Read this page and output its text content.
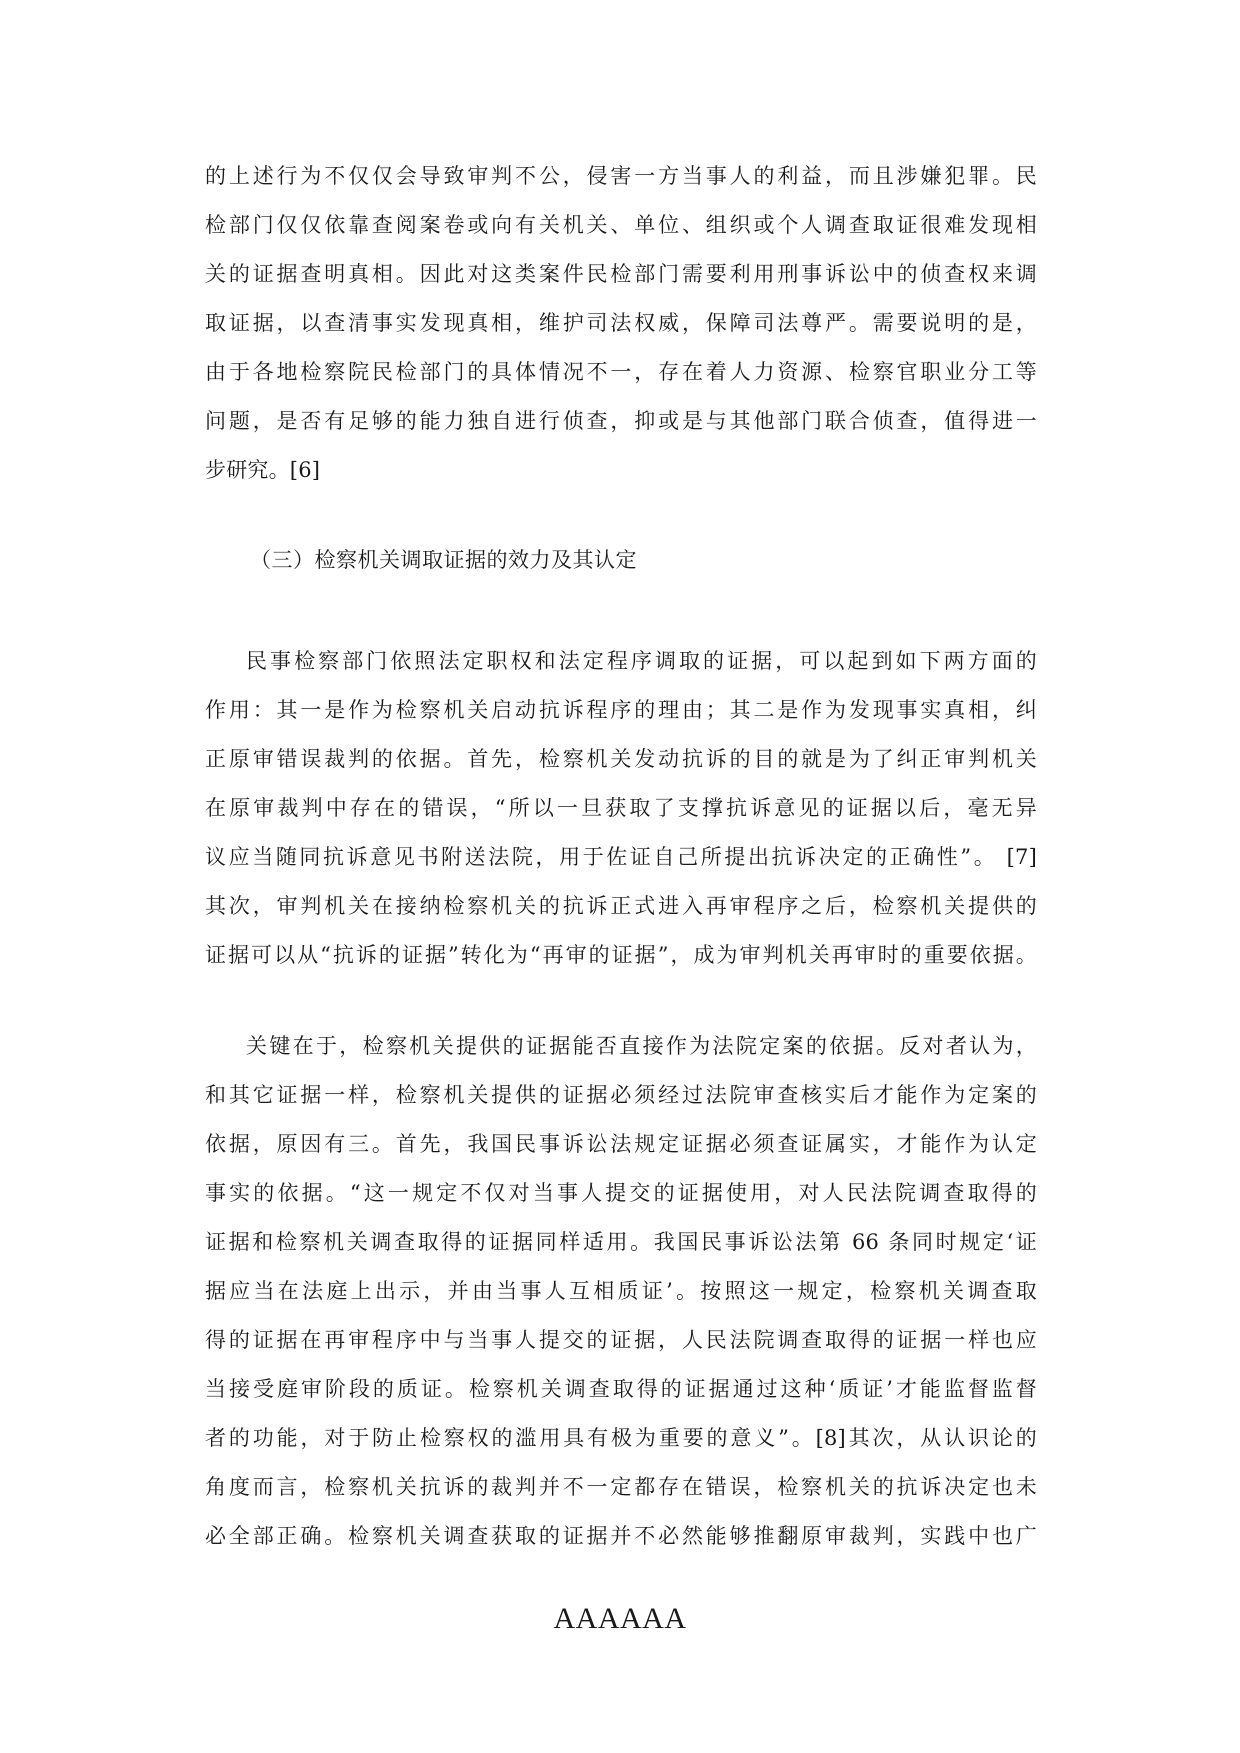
的上述行为不仅仅会导致审判不公，侵害一方当事人的利益，而且涉嫌犯罪。民
检部门仅仅依靠查阅案卷或向有关机关、单位、组织或个人调查取证很难发现相
关的证据查明真相。因此对这类案件民检部门需要利用刑事诉讼中的侦查权来调
取证据，以查清事实发现真相，维护司法权威，保障司法尊严。需要说明的是，
由于各地检察院民检部门的具体情况不一，存在着人力资源、检察官职业分工等
问题，是否有足够的能力独自进行侦查，抑或是与其他部门联合侦查，值得进一
步研究。[6]
（三）检察机关调取证据的效力及其认定
民事检察部门依照法定职权和法定程序调取的证据，可以起到如下两方面的
作用：其一是作为检察机关启动抗诉程序的理由；其二是作为发现事实真相，纠
正原审错误裁判的依据。首先，检察机关发动抗诉的目的就是为了纠正审判机关
在原审裁判中存在的错误，“所以一旦获取了支撑抗诉意见的证据以后，毫无异
议应当随同抗诉意见书附送法院，用于佐证自己所提出抗诉决定的正确性”。 [7]
其次，审判机关在接纳检察机关的抗诉正式进入再审程序之后，检察机关提供的
证据可以从“抗诉的证据”转化为“再审的证据”，成为审判机关再审时的重要依据。
关键在于，检察机关提供的证据能否直接作为法院定案的依据。反对者认为，
和其它证据一样，检察机关提供的证据必须经过法院审查核实后才能作为定案的
依据，原因有三。首先，我国民事诉讼法规定证据必须查证属实，才能作为认定
事实的依据。“这一规定不仅对当事人提交的证据使用，对人民法院调查取得的
证据和检察机关调查取得的证据同样适用。我国民事诉讼法第 66 条同时规定‘证
据应当在法庭上出示，并由当事人互相质证’。按照这一规定，检察机关调查取
得的证据在再审程序中与当事人提交的证据，人民法院调查取得的证据一样也应
当接受庭审阶段的质证。检察机关调查取得的证据通过这种‘质证’才能监督监督
者的功能，对于防止检察权的滥用具有极为重要的意义”。[8]其次，从认识论的
角度而言，检察机关抗诉的裁判并不一定都存在错误，检察机关的抗诉决定也未
必全部正确。检察机关调查获取的证据并不必然能够推翻原审裁判，实践中也广
AAAAAA
